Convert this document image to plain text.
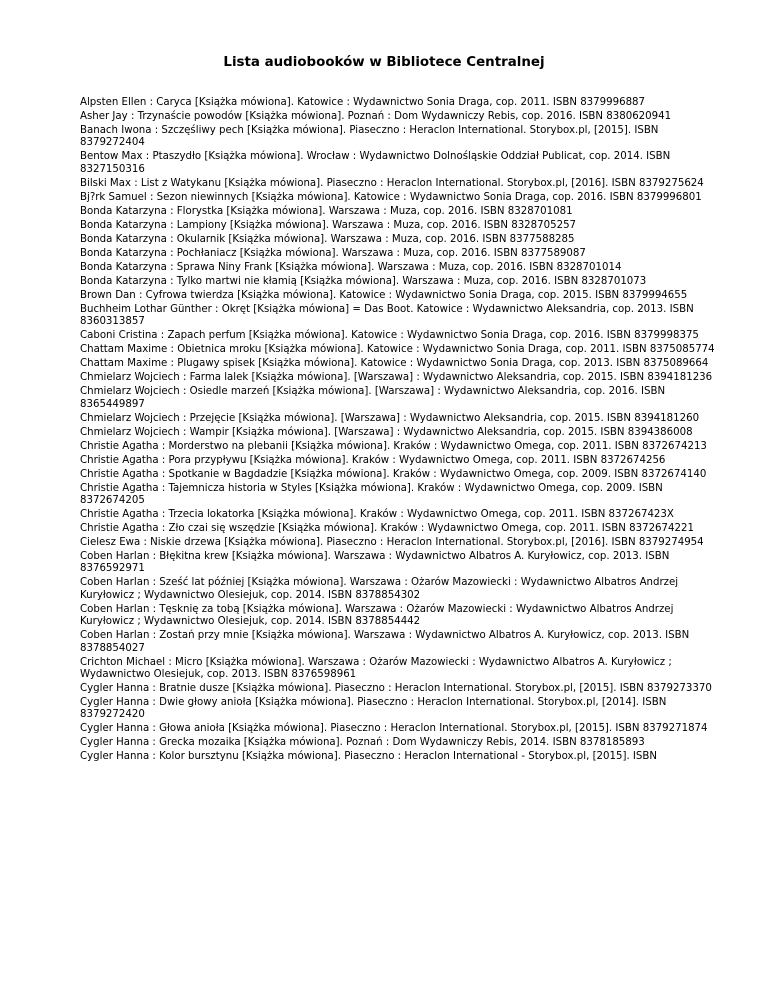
Lista audiobooków w Bibliotece Centralnej

Alpsten Ellen : Caryca [Książka mówiona]. Katowice : Wydawnictwo Sonia Draga, cop. 2011. ISBN 8379996887

Asher Jay : Trzynaście powodów [Książka mówiona]. Poznań : Dom Wydawniczy Rebis, cop. 2016. ISBN 8380620941

Banach Iwona : Szczęśliwy pech [Książka mówiona]. Piaseczno : Heraclon International. Storybox.pl, [2015]. ISBN 8379272404

Bentow Max : Ptaszydło [Książka mówiona]. Wrocław : Wydawnictwo Dolnośląskie Oddział Publicat, cop. 2014. ISBN 8327150316

Bilski Max : List z Watykanu [Książka mówiona]. Piaseczno : Heraclon International. Storybox.pl, [2016]. ISBN 8379275624

Bj?rk Samuel : Sezon niewinnych [Książka mówiona]. Katowice : Wydawnictwo Sonia Draga, cop. 2016. ISBN 8379996801

Bonda Katarzyna : Florystka [Książka mówiona]. Warszawa : Muza, cop. 2016. ISBN 8328701081

Bonda Katarzyna : Lampiony [Książka mówiona]. Warszawa : Muza, cop. 2016. ISBN 8328705257

Bonda Katarzyna : Okularnik [Książka mówiona]. Warszawa : Muza, cop. 2016. ISBN 8377588285

Bonda Katarzyna : Pochłaniacz [Książka mówiona]. Warszawa : Muza, cop. 2016. ISBN 8377589087

Bonda Katarzyna : Sprawa Niny Frank [Książka mówiona]. Warszawa : Muza, cop. 2016. ISBN 8328701014

Bonda Katarzyna : Tylko martwi nie kłamią [Książka mówiona]. Warszawa : Muza, cop. 2016. ISBN 8328701073

Brown Dan : Cyfrowa twierdza [Książka mówiona]. Katowice : Wydawnictwo Sonia Draga, cop. 2015. ISBN 8379994655

Buchheim Lothar Günther : Okręt [Książka mówiona] = Das Boot. Katowice : Wydawnictwo Aleksandria, cop. 2013. ISBN 8360313857

Caboni Cristina : Zapach perfum [Książka mówiona]. Katowice : Wydawnictwo Sonia Draga, cop. 2016. ISBN 8379998375

Chattam Maxime : Obietnica mroku [Książka mówiona]. Katowice : Wydawnictwo Sonia Draga, cop. 2011. ISBN 8375085774

Chattam Maxime : Plugawy spisek [Książka mówiona]. Katowice : Wydawnictwo Sonia Draga, cop. 2013. ISBN 8375089664

Chmielarz Wojciech : Farma lalek [Książka mówiona]. [Warszawa] : Wydawnictwo Aleksandria, cop. 2015. ISBN 8394181236

Chmielarz Wojciech : Osiedle marzeń [Książka mówiona]. [Warszawa] : Wydawnictwo Aleksandria, cop. 2016. ISBN 8365449897

Chmielarz Wojciech : Przejęcie [Książka mówiona]. [Warszawa] : Wydawnictwo Aleksandria, cop. 2015. ISBN 8394181260

Chmielarz Wojciech : Wampir [Książka mówiona]. [Warszawa] : Wydawnictwo Aleksandria, cop. 2015. ISBN 8394386008

Christie Agatha : Morderstwo na plebanii [Książka mówiona]. Kraków : Wydawnictwo Omega, cop. 2011. ISBN 8372674213

Christie Agatha : Pora przypływu [Książka mówiona]. Kraków : Wydawnictwo Omega, cop. 2011. ISBN 8372674256

Christie Agatha : Spotkanie w Bagdadzie [Książka mówiona]. Kraków : Wydawnictwo Omega, cop. 2009. ISBN 8372674140

Christie Agatha : Tajemnicza historia w Styles [Książka mówiona]. Kraków : Wydawnictwo Omega, cop. 2009. ISBN 8372674205

Christie Agatha : Trzecia lokatorka [Książka mówiona]. Kraków : Wydawnictwo Omega, cop. 2011. ISBN 837267423X

Christie Agatha : Zło czai się wszędzie [Książka mówiona]. Kraków : Wydawnictwo Omega, cop. 2011. ISBN 8372674221

Cielesz Ewa : Niskie drzewa [Książka mówiona]. Piaseczno : Heraclon International. Storybox.pl, [2016]. ISBN 8379274954

Coben Harlan : Błękitna krew [Książka mówiona]. Warszawa : Wydawnictwo Albatros A. Kuryłowicz, cop. 2013. ISBN 8376592971

Coben Harlan : Sześć lat później [Książka mówiona]. Warszawa : Ożarów Mazowiecki : Wydawnictwo Albatros Andrzej Kuryłowicz ; Wydawnictwo Olesiejuk, cop. 2014. ISBN 8378854302

Coben Harlan : Tęsknię za tobą [Książka mówiona]. Warszawa : Ożarów Mazowiecki : Wydawnictwo Albatros Andrzej Kuryłowicz ; Wydawnictwo Olesiejuk, cop. 2014. ISBN 8378854442

Coben Harlan : Zostań przy mnie [Książka mówiona]. Warszawa : Wydawnictwo Albatros A. Kuryłowicz, cop. 2013. ISBN 8378854027

Crichton Michael : Micro [Książka mówiona]. Warszawa : Ożarów Mazowiecki : Wydawnictwo Albatros A. Kuryłowicz ; Wydawnictwo Olesiejuk, cop. 2013. ISBN 8376598961

Cygler Hanna : Bratnie dusze [Książka mówiona]. Piaseczno : Heraclon International. Storybox.pl, [2015]. ISBN 8379273370

Cygler Hanna : Dwie głowy anioła [Książka mówiona]. Piaseczno : Heraclon International. Storybox.pl, [2014]. ISBN 8379272420

Cygler Hanna : Głowa anioła [Książka mówiona]. Piaseczno : Heraclon International. Storybox.pl, [2015]. ISBN 8379271874

Cygler Hanna : Grecka mozaika [Książka mówiona]. Poznań : Dom Wydawniczy Rebis, 2014. ISBN 8378185893

Cygler Hanna : Kolor bursztynu [Książka mówiona]. Piaseczno : Heraclon International - Storybox.pl, [2015]. ISBN
